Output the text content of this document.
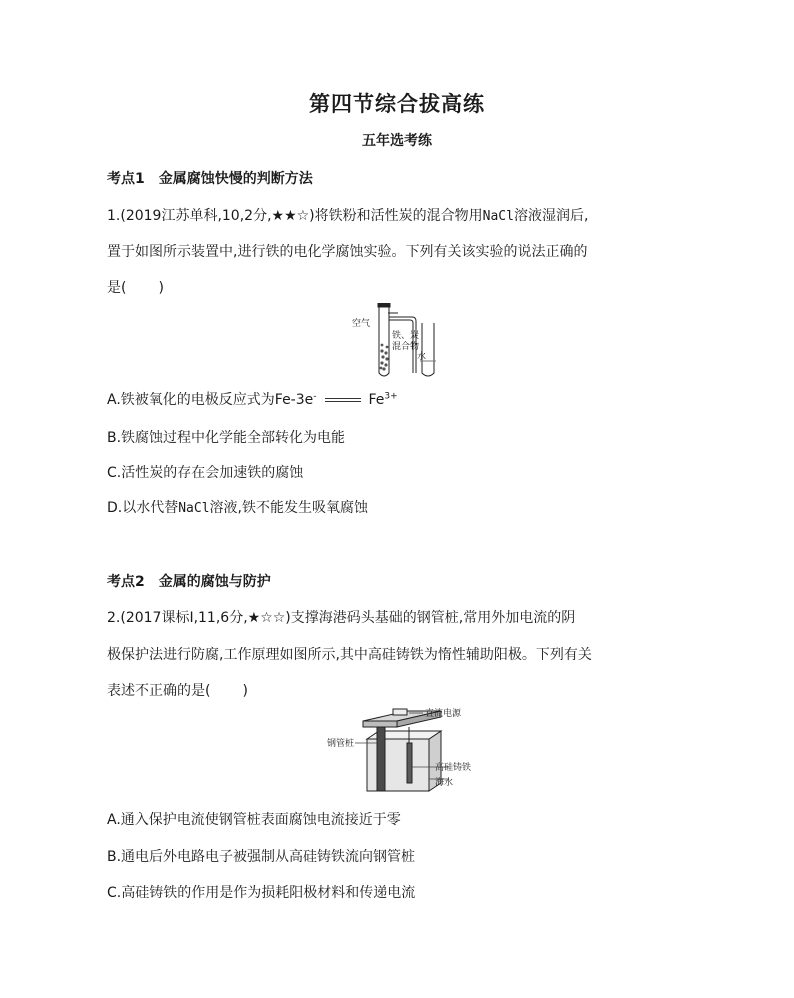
第四节综合拔高练
五年选考练
考点1 金属腐蚀快慢的判断方法
1.(2019江苏单科,10,2分,★★☆)将铁粉和活性炭的混合物用NaCl溶液湿润后,
置于如图所示装置中,进行铁的电化学腐蚀实验。下列有关该实验的说法正确的
是( )
空气
铁、炭
混合物
水
A.铁被氧化的电极反应式为Fe-3e-	$Fe^{3+}$
B.铁腐蚀过程中化学能全部转化为电能
C.活性炭的存在会加速铁的腐蚀
D.以水代替NaCl溶液,铁不能发生吸氧腐蚀
考点2 金属的腐蚀与防护
2.(2017课标Ⅰ,11,6分,★☆☆)支撑海港码头基础的钢管桩,常用外加电流的阴
极保护法进行防腐,工作原理如图所示,其中高硅铸铁为惰性辅助阳极。下列有关
表述不正确的是( )
直流电源
钢管桩
高硅铸铁
海水
A.通入保护电流使钢管桩表面腐蚀电流接近于零
B.通电后外电路电子被强制从高硅铸铁流向钢管桩
C.高硅铸铁的作用是作为损耗阳极材料和传递电流
